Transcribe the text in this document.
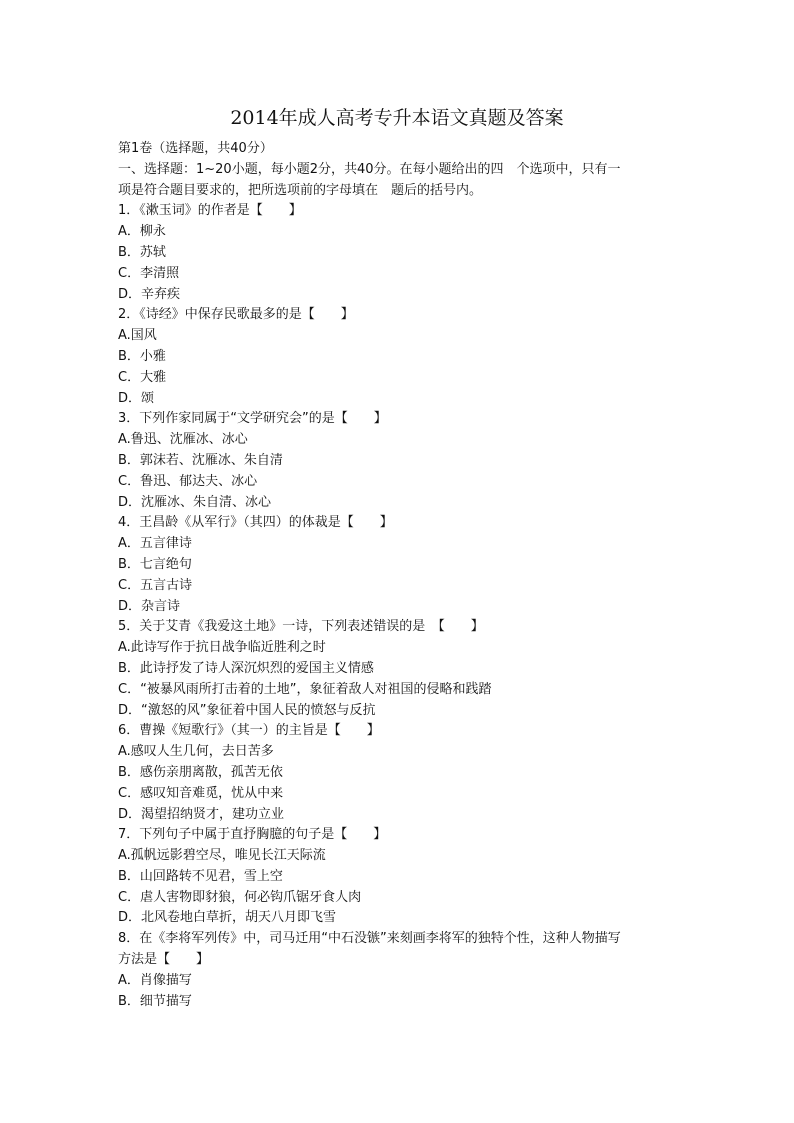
2014年成人高考专升本语文真题及答案
第1卷（选择题，共40分）
一、选择题：1~20小题，每小题2分，共40分。在每小题给出的四　个选项中，只有一
项是符合题目要求的，把所选项前的字母填在　题后的括号内。
1．《漱玉词》的作者是【　　】
A．柳永
B．苏轼
C．李清照
D．辛弃疾
2．《诗经》中保存民歌最多的是【　　】
A.国风
B．小雅
C．大雅
D．颂
3．下列作家同属于“文学研究会”的是【　　】
A.鲁迅、沈雁冰、冰心
B．郭沫若、沈雁冰、朱自清
C．鲁迅、郁达夫、冰心
D．沈雁冰、朱自清、冰心
4．王昌龄《从军行》（其四）的体裁是【　　】
A．五言律诗
B．七言绝句
C．五言古诗
D．杂言诗
5．关于艾青《我爱这土地》一诗，下列表述错误的是　【　　】
A.此诗写作于抗日战争临近胜利之时
B．此诗抒发了诗人深沉炽烈的爱国主义情感
C．“被暴风雨所打击着的土地”，象征着敌人对祖国的侵略和践踏
D．“激怒的风”象征着中国人民的愤怒与反抗
6．曹操《短歌行》（其一）的主旨是【　　】
A.感叹人生几何，去日苦多
B．感伤亲朋离散，孤苦无依
C．感叹知音难觅，忧从中来
D．渴望招纳贤才，建功立业
7．下列句子中属于直抒胸臆的句子是【　　】
A.孤帆远影碧空尽，唯见长江天际流
B．山回路转不见君，雪上空
C．虐人害物即豺狼，何必钩爪锯牙食人肉
D．北风卷地白草折，胡天八月即飞雪
8．在《李将军列传》中，司马迁用“中石没镞”来刻画李将军的独特个性，这种人物描写
方法是【　　】
A．肖像描写
B．细节描写
